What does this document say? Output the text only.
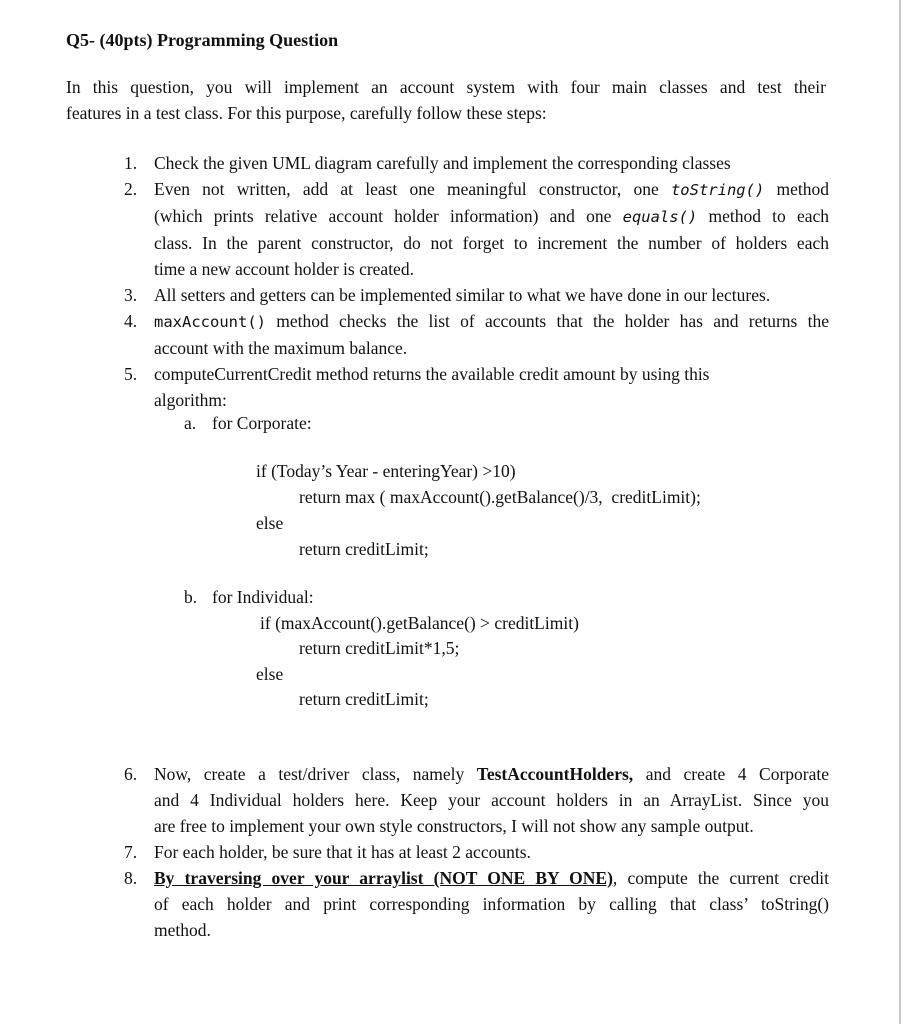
Q5- (40pts) Programming Question
In this question, you will implement an account system with four main classes and test their
features in a test class. For this purpose, carefully follow these steps:
1. Check the given UML diagram carefully and implement the corresponding classes
2. Even not written, add at least one meaningful constructor, one toString() method
(which prints relative account holder information) and one equals() method to each
class. In the parent constructor, do not forget to increment the number of holders each
time a new account holder is created.
3. All setters and getters can be implemented similar to what we have done in our lectures.
4.	maxAccount() method checks the list of accounts that the holder has and returns the
account with the maximum balance.
5. computeCurrentCredit method returns the available credit amount by using this
algorithm:
a. for Corporate:
if (Today’s Year - enteringYear) >10)
return max ( maxAccount().getBalance()/3,  creditLimit);
else
return creditLimit;
b. for Individual:
if (maxAccount().getBalance() > creditLimit)
return creditLimit*1,5;
else
return creditLimit;
6. Now, create a test/driver class, namely TestAccountHolders, and create 4 Corporate
and 4 Individual holders here. Keep your account holders in an ArrayList. Since you
are free to implement your own style constructors, I will not show any sample output.
7. For each holder, be sure that it has at least 2 accounts.
8. By traversing over your arraylist (NOT ONE BY ONE), compute the current credit
of each holder and print corresponding information by calling that class’ toString()
method.
